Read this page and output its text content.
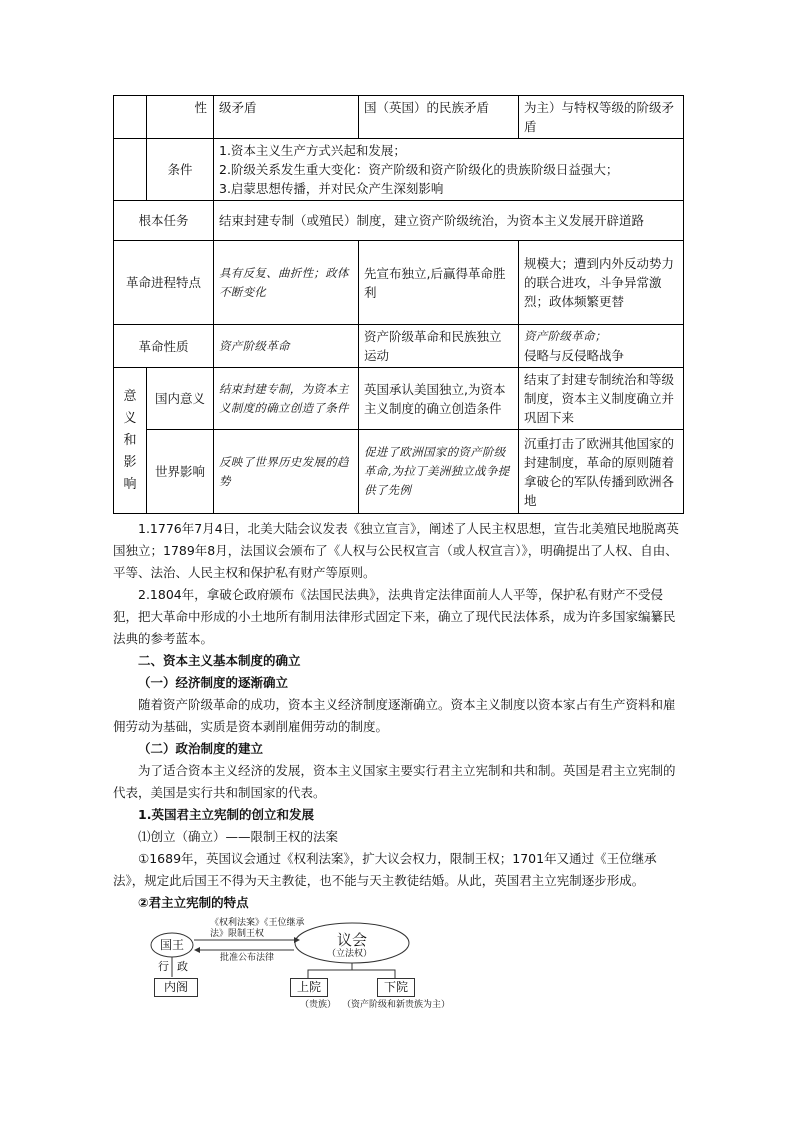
	性	级矛盾	国（英国）的民族矛盾	为主）与特权等级的阶级矛盾
	条件	1.资本主义生产方式兴起和发展；
2.阶级关系发生重大变化：资产阶级和资产阶级化的贵族阶级日益强大；
3.启蒙思想传播，并对民众产生深刻影响		

根本任务		结束封建专制（或殖民）制度，建立资产阶级统治，为资本主义发展开辟道路		
革命进程特点		具有反复、曲折性；政体不断变化	先宣布独立,后赢得革命胜利	规模大；遭到内外反动势力的联合进攻，斗争异常激烈；政体频繁更替
革命性质		资产阶级革命	资产阶级革命和民族独立运动	资产阶级革命；
侵略与反侵略战争

意义和影响	国内意义	结束封建专制，为资本主义制度的确立创造了条件	英国承认美国独立,为资本主义制度的确立创造条件	结束了封建专制统治和等级制度，资本主义制度确立并巩固下来
	世界影响	反映了世界历史发展的趋势	促进了欧洲国家的资产阶级革命,为拉丁美洲独立战争提供了先例	沉重打击了欧洲其他国家的封建制度，革命的原则随着拿破仑的军队传播到欧洲各地

1.1776年7月4日，北美大陆会议发表《独立宣言》，阐述了人民主权思想，宣告北美殖民地脱离英国独立；1789年8月，法国议会颁布了《人权与公民权宣言（或人权宣言）》，明确提出了人权、自由、平等、法治、人民主权和保护私有财产等原则。

2.1804年，拿破仑政府颁布《法国民法典》，法典肯定法律面前人人平等，保护私有财产不受侵犯，把大革命中形成的小土地所有制用法律形式固定下来，确立了现代民法体系，成为许多国家编纂民法典的参考蓝本。

二、资本主义基本制度的确立

（一）经济制度的逐渐确立

随着资产阶级革命的成功，资本主义经济制度逐渐确立。资本主义制度以资本家占有生产资料和雇佣劳动为基础，实质是资本剥削雇佣劳动的制度。

（二）政治制度的建立

为了适合资本主义经济的发展，资本主义国家主要实行君主立宪制和共和制。英国是君主立宪制的代表，美国是实行共和制国家的代表。

1.英国君主立宪制的创立和发展

⑴创立（确立）——限制王权的法案

①1689年，英国议会通过《权利法案》，扩大议会权力，限制王权；1701年又通过《王位继承法》，规定此后国王不得为天主教徒，也不能与天主教徒结婚。从此，英国君主立宪制逐步形成。

②君主立宪制的特点

国王
《权利法案》《王位继承法》限制王权
批准公布法律
议会
（立法权）
行 政
内阁	上院	下院
（贵族） （资产阶级和新贵族为主）
